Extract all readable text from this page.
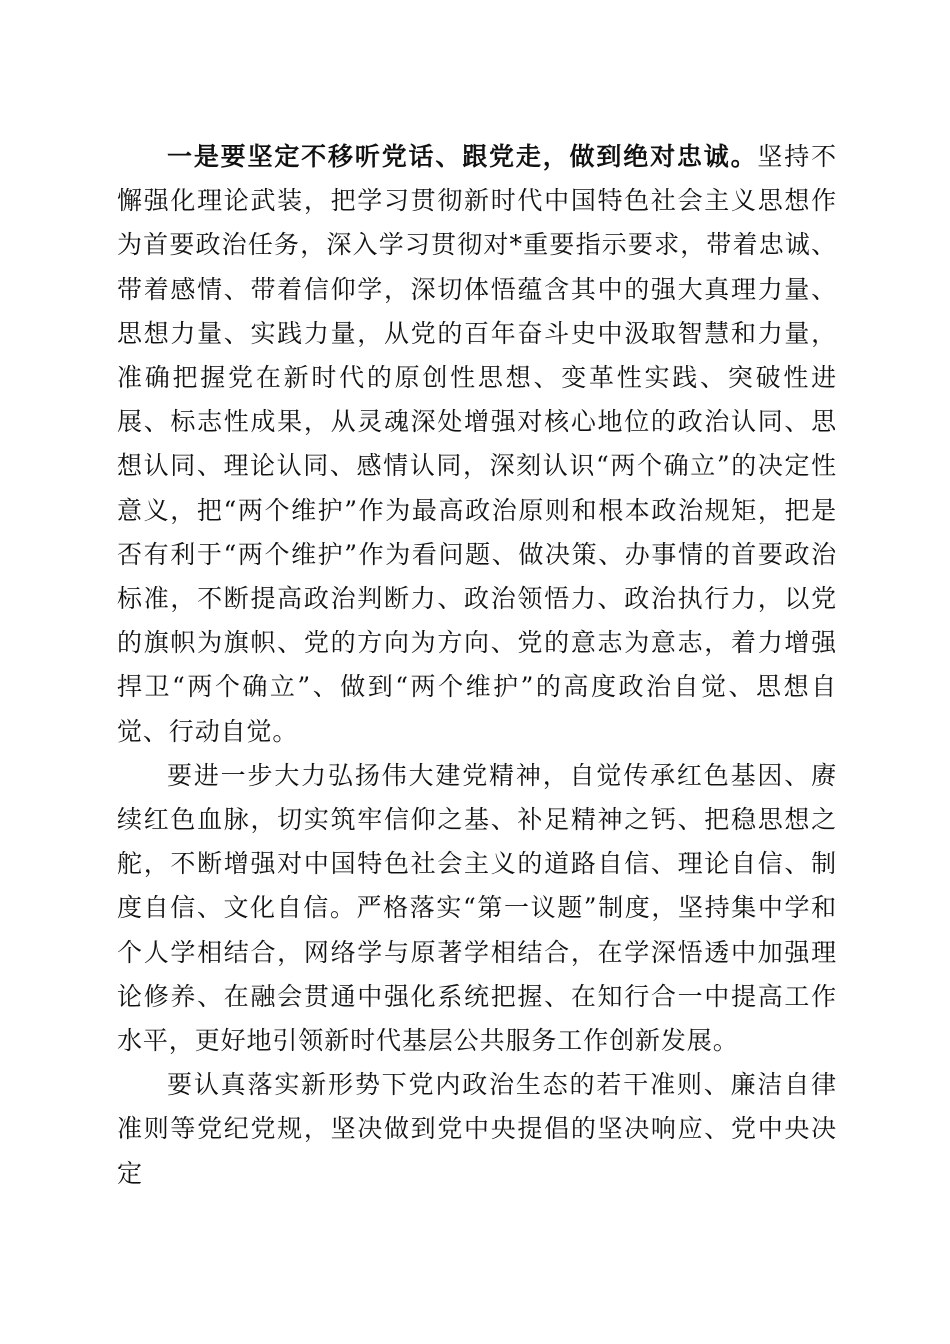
一是要坚定不移听党话、跟党走，做到绝对忠诚。坚持不懈强化理论武装，把学习贯彻新时代中国特色社会主义思想作为首要政治任务，深入学习贯彻对*重要指示要求，带着忠诚、带着感情、带着信仰学，深切体悟蕴含其中的强大真理力量、思想力量、实践力量，从党的百年奋斗史中汲取智慧和力量，准确把握党在新时代的原创性思想、变革性实践、突破性进展、标志性成果，从灵魂深处增强对核心地位的政治认同、思想认同、理论认同、感情认同，深刻认识“两个确立”的决定性意义，把“两个维护”作为最高政治原则和根本政治规矩，把是否有利于“两个维护”作为看问题、做决策、办事情的首要政治标准，不断提高政治判断力、政治领悟力、政治执行力，以党的旗帜为旗帜、党的方向为方向、党的意志为意志，着力增强捍卫“两个确立”、做到“两个维护”的高度政治自觉、思想自觉、行动自觉。

要进一步大力弘扬伟大建党精神，自觉传承红色基因、赓续红色血脉，切实筑牢信仰之基、补足精神之钙、把稳思想之舵，不断增强对中国特色社会主义的道路自信、理论自信、制度自信、文化自信。严格落实“第一议题”制度，坚持集中学和个人学相结合，网络学与原著学相结合，在学深悟透中加强理论修养、在融会贯通中强化系统把握、在知行合一中提高工作水平，更好地引领新时代基层公共服务工作创新发展。

要认真落实新形势下党内政治生态的若干准则、廉洁自律准则等党纪党规，坚决做到党中央提倡的坚决响应、党中央决定
